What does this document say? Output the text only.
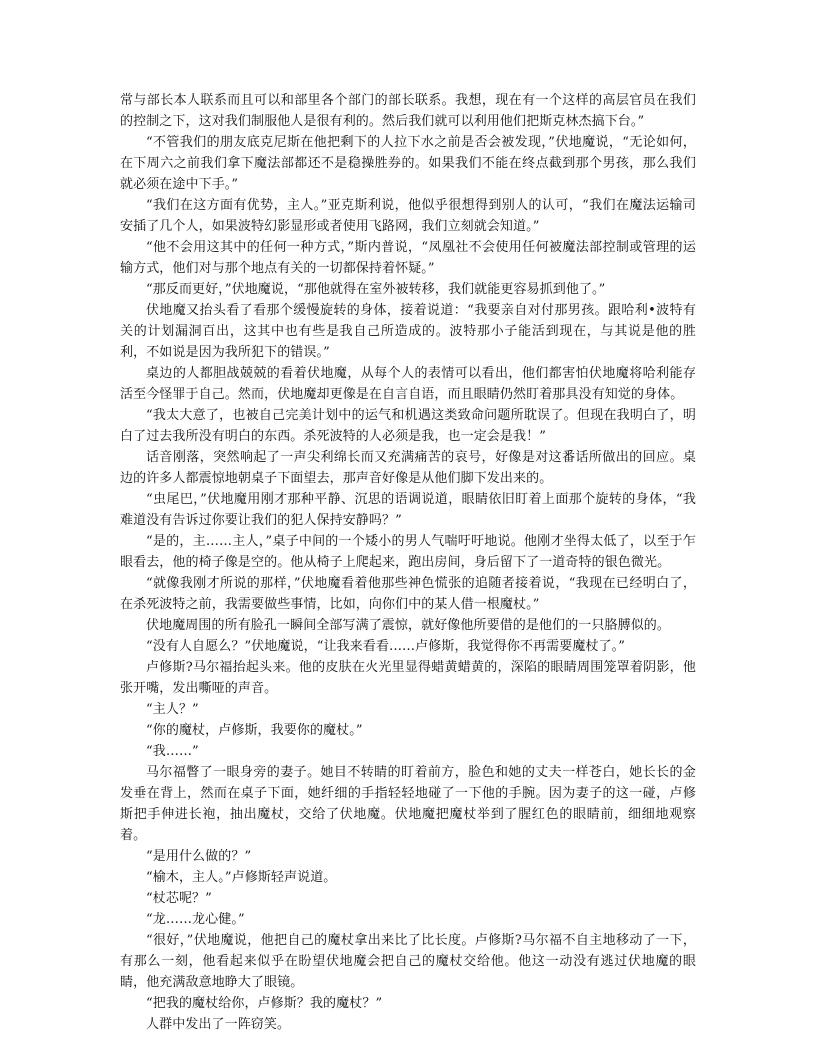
常与部长本人联系而且可以和部里各个部门的部长联系。我想，现在有一个这样的高层官员在我们的控制之下，这对我们制服他人是很有利的。然后我们就可以利用他们把斯克林杰搞下台。”

“不管我们的朋友底克尼斯在他把剩下的人拉下水之前是否会被发现，”伏地魔说，“无论如何，在下周六之前我们拿下魔法部都还不是稳操胜券的。如果我们不能在终点截到那个男孩，那么我们就必须在途中下手。”

“我们在这方面有优势，主人。”亚克斯利说，他似乎很想得到别人的认可，“我们在魔法运输司安插了几个人，如果波特幻影显形或者使用飞路网，我们立刻就会知道。”

“他不会用这其中的任何一种方式，”斯内普说，“凤凰社不会使用任何被魔法部控制或管理的运输方式，他们对与那个地点有关的一切都保持着怀疑。”

“那反而更好，”伏地魔说，“那他就得在室外被转移，我们就能更容易抓到他了。”

伏地魔又抬头看了看那个缓慢旋转的身体，接着说道：“我要亲自对付那男孩。跟哈利•波特有关的计划漏洞百出，这其中也有些是我自己所造成的。波特那小子能活到现在，与其说是他的胜利，不如说是因为我所犯下的错误。”

桌边的人都胆战兢兢的看着伏地魔，从每个人的表情可以看出，他们都害怕伏地魔将哈利能存活至今怪罪于自己。然而，伏地魔却更像是在自言自语，而且眼睛仍然盯着那具没有知觉的身体。

“我太大意了，也被自己完美计划中的运气和机遇这类致命问题所耽误了。但现在我明白了，明白了过去我所没有明白的东西。杀死波特的人必须是我，也一定会是我！”

话音刚落，突然响起了一声尖利绵长而又充满痛苦的哀号，好像是对这番话所做出的回应。桌边的许多人都震惊地朝桌子下面望去，那声音好像是从他们脚下发出来的。

“虫尾巴，”伏地魔用刚才那种平静、沉思的语调说道，眼睛依旧盯着上面那个旋转的身体，“我难道没有告诉过你要让我们的犯人保持安静吗？”

“是的，主……主人，”桌子中间的一个矮小的男人气喘吁吁地说。他刚才坐得太低了，以至于乍眼看去，他的椅子像是空的。他从椅子上爬起来，跑出房间，身后留下了一道奇特的银色微光。

“就像我刚才所说的那样，”伏地魔看着他那些神色慌张的追随者接着说，“我现在已经明白了，在杀死波特之前，我需要做些事情，比如，向你们中的某人借一根魔杖。”

伏地魔周围的所有脸孔一瞬间全部写满了震惊，就好像他所要借的是他们的一只胳膊似的。

“没有人自愿么？”伏地魔说，“让我来看看……卢修斯，我觉得你不再需要魔杖了。”

卢修斯?马尔福抬起头来。他的皮肤在火光里显得蜡黄蜡黄的，深陷的眼睛周围笼罩着阴影，他张开嘴，发出嘶哑的声音。

“主人？”

“你的魔杖，卢修斯，我要你的魔杖。”

“我……”

马尔福瞥了一眼身旁的妻子。她目不转睛的盯着前方，脸色和她的丈夫一样苍白，她长长的金发垂在背上，然而在桌子下面，她纤细的手指轻轻地碰了一下他的手腕。因为妻子的这一碰，卢修斯把手伸进长袍，抽出魔杖，交给了伏地魔。伏地魔把魔杖举到了腥红色的眼睛前，细细地观察着。

“是用什么做的？”

“榆木，主人。”卢修斯轻声说道。

“杖芯呢？”

“龙……龙心健。”

“很好，”伏地魔说，他把自己的魔杖拿出来比了比长度。卢修斯?马尔福不自主地移动了一下，有那么一刻，他看起来似乎在盼望伏地魔会把自己的魔杖交给他。他这一动没有逃过伏地魔的眼睛，他充满敌意地睁大了眼镜。

“把我的魔杖给你，卢修斯？我的魔杖？”

人群中发出了一阵窃笑。
